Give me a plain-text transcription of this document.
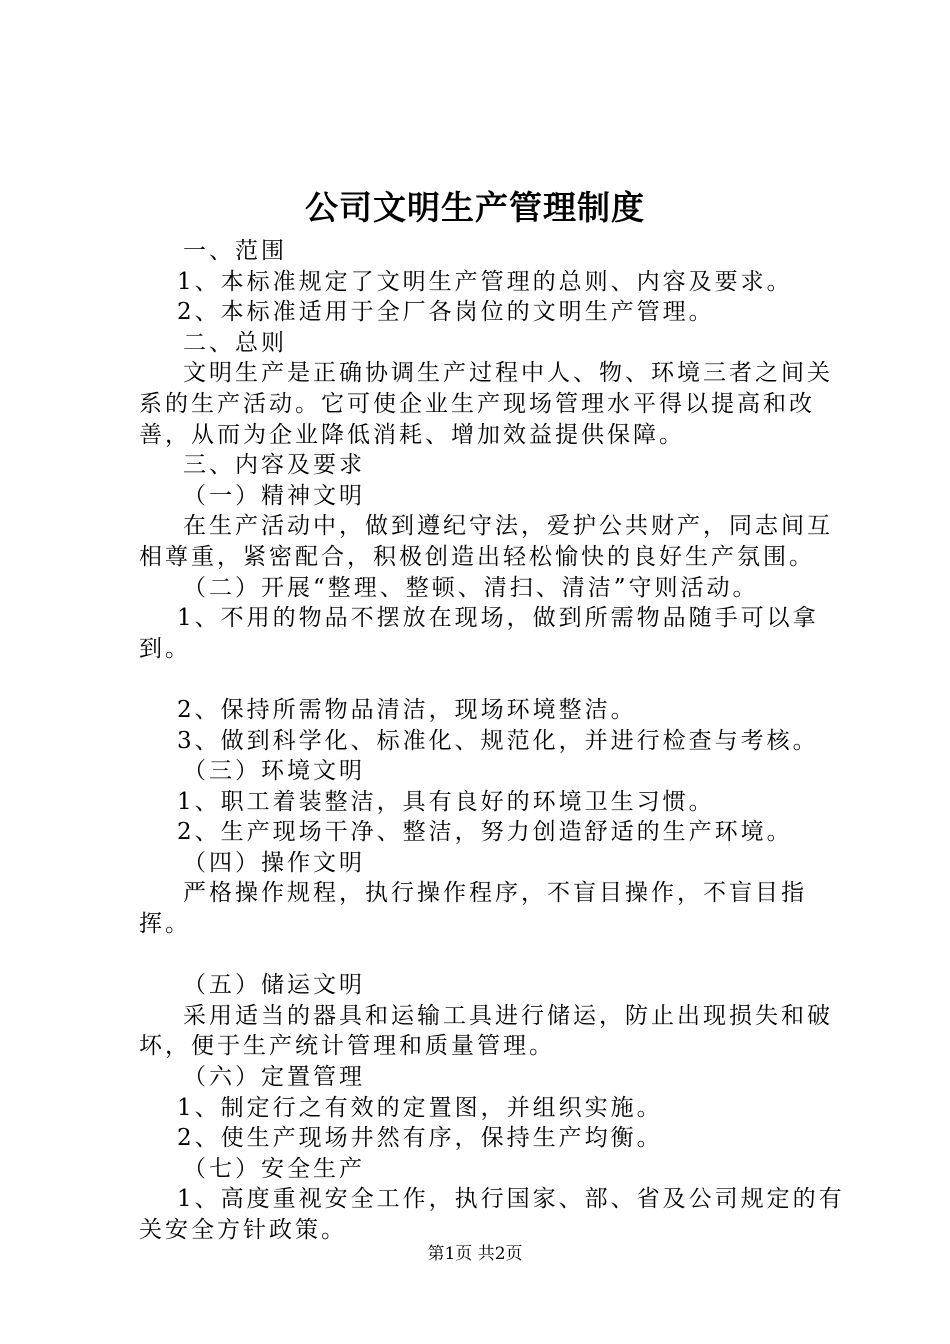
公司文明生产管理制度

一、范围

1、本标准规定了文明生产管理的总则、内容及要求。

2、本标准适用于全厂各岗位的文明生产管理。

二、总则

文明生产是正确协调生产过程中人、物、环境三者之间关系的生产活动。它可使企业生产现场管理水平得以提高和改善，从而为企业降低消耗、增加效益提供保障。

三、内容及要求

（一）精神文明

在生产活动中，做到遵纪守法，爱护公共财产，同志间互相尊重，紧密配合，积极创造出轻松愉快的良好生产氛围。

（二）开展“整理、整顿、清扫、清洁”守则活动。

1、不用的物品不摆放在现场，做到所需物品随手可以拿到。

2、保持所需物品清洁，现场环境整洁。

3、做到科学化、标准化、规范化，并进行检查与考核。

（三）环境文明

1、职工着装整洁，具有良好的环境卫生习惯。

2、生产现场干净、整洁，努力创造舒适的生产环境。

（四）操作文明

严格操作规程，执行操作程序，不盲目操作，不盲目指挥。

（五）储运文明

采用适当的器具和运输工具进行储运，防止出现损失和破坏，便于生产统计管理和质量管理。

（六）定置管理

1、制定行之有效的定置图，并组织实施。

2、使生产现场井然有序，保持生产均衡。

（七）安全生产

1、高度重视安全工作，执行国家、部、省及公司规定的有关安全方针政策。

第1页 共2页
